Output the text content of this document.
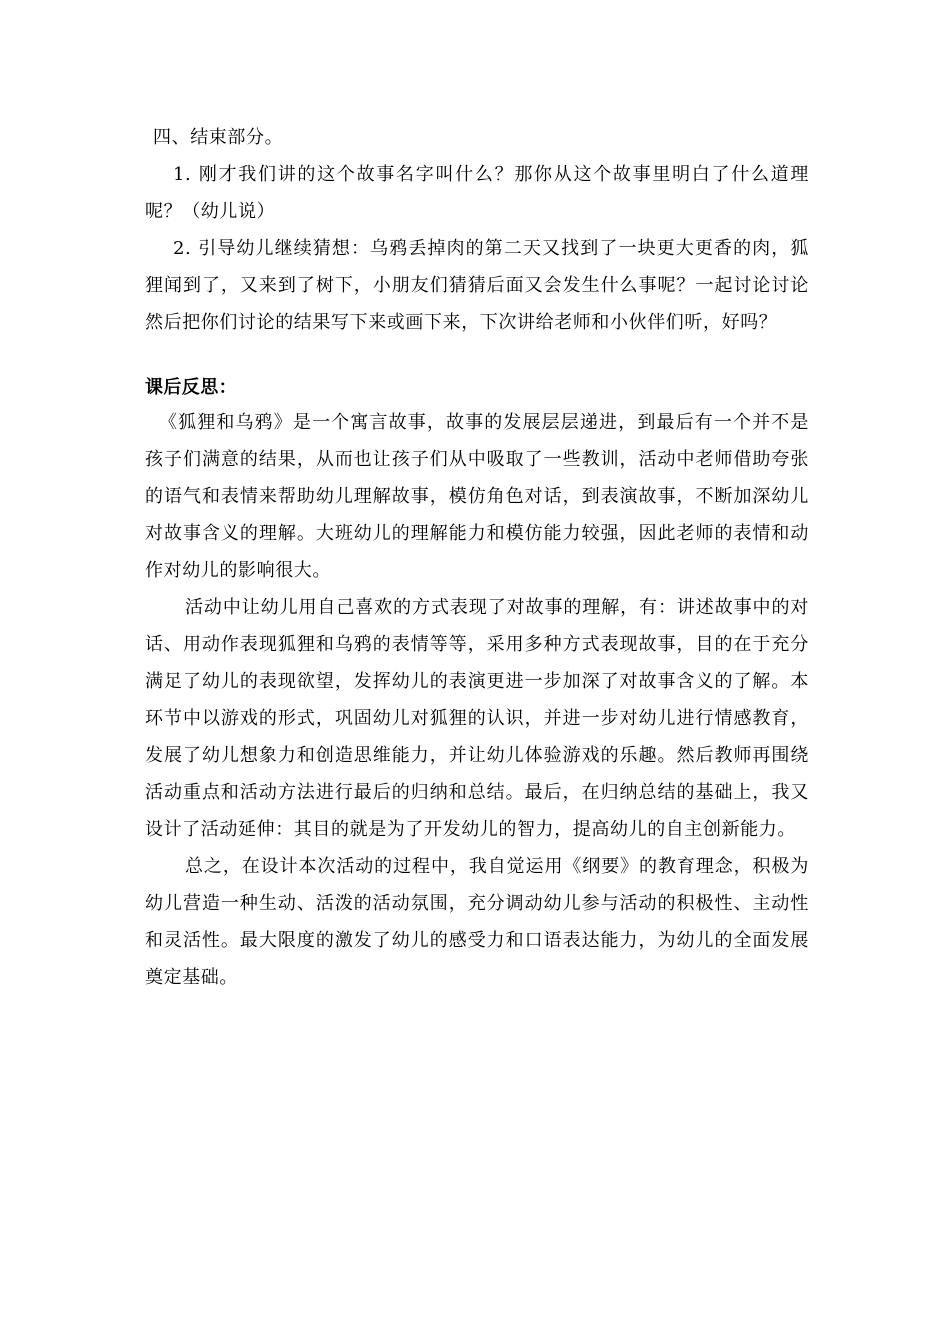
四、结束部分。

1. 刚才我们讲的这个故事名字叫什么？那你从这个故事里明白了什么道理呢？（幼儿说）

2. 引导幼儿继续猜想：乌鸦丢掉肉的第二天又找到了一块更大更香的肉，狐狸闻到了，又来到了树下，小朋友们猜猜后面又会发生什么事呢？一起讨论讨论然后把你们讨论的结果写下来或画下来，下次讲给老师和小伙伴们听，好吗？

课后反思：

《狐狸和乌鸦》是一个寓言故事，故事的发展层层递进，到最后有一个并不是孩子们满意的结果，从而也让孩子们从中吸取了一些教训，活动中老师借助夸张的语气和表情来帮助幼儿理解故事，模仿角色对话，到表演故事，不断加深幼儿对故事含义的理解。大班幼儿的理解能力和模仿能力较强，因此老师的表情和动作对幼儿的影响很大。

活动中让幼儿用自己喜欢的方式表现了对故事的理解，有：讲述故事中的对话、用动作表现狐狸和乌鸦的表情等等，采用多种方式表现故事，目的在于充分满足了幼儿的表现欲望，发挥幼儿的表演更进一步加深了对故事含义的了解。本环节中以游戏的形式，巩固幼儿对狐狸的认识，并进一步对幼儿进行情感教育，发展了幼儿想象力和创造思维能力，并让幼儿体验游戏的乐趣。然后教师再围绕活动重点和活动方法进行最后的归纳和总结。最后，在归纳总结的基础上，我又设计了活动延伸：其目的就是为了开发幼儿的智力，提高幼儿的自主创新能力。

总之，在设计本次活动的过程中，我自觉运用《纲要》的教育理念，积极为幼儿营造一种生动、活泼的活动氛围，充分调动幼儿参与活动的积极性、主动性和灵活性。最大限度的激发了幼儿的感受力和口语表达能力，为幼儿的全面发展奠定基础。
